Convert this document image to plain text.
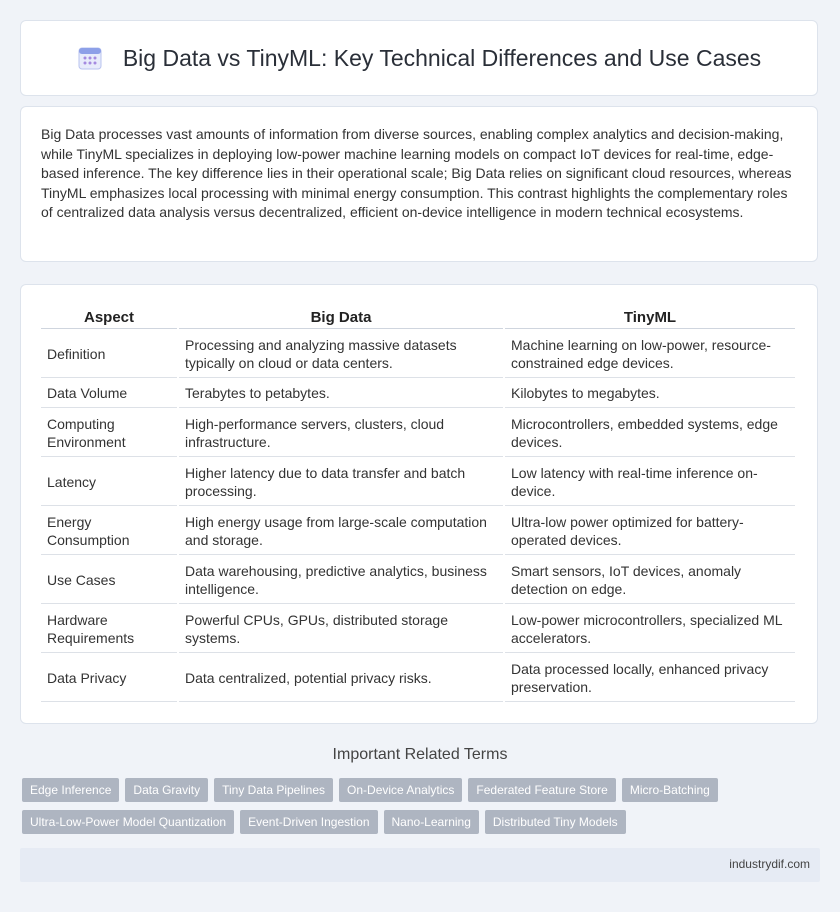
Big Data vs TinyML: Key Technical Differences and Use Cases

Big Data processes vast amounts of information from diverse sources, enabling complex analytics and decision-making, while TinyML specializes in deploying low-power machine learning models on compact IoT devices for real-time, edge-based inference. The key difference lies in their operational scale; Big Data relies on significant cloud resources, whereas TinyML emphasizes local processing with minimal energy consumption. This contrast highlights the complementary roles of centralized data analysis versus decentralized, efficient on-device intelligence in modern technical ecosystems.

Aspect	Big Data	TinyML
Definition	Processing and analyzing massive datasets typically on cloud or data centers.	Machine learning on low-power, resource-constrained edge devices.
Data Volume	Terabytes to petabytes.	Kilobytes to megabytes.
Computing Environment	High-performance servers, clusters, cloud infrastructure.	Microcontrollers, embedded systems, edge devices.
Latency	Higher latency due to data transfer and batch processing.	Low latency with real-time inference on-device.
Energy Consumption	High energy usage from large-scale computation and storage.	Ultra-low power optimized for battery-operated devices.
Use Cases	Data warehousing, predictive analytics, business intelligence.	Smart sensors, IoT devices, anomaly detection on edge.
Hardware Requirements	Powerful CPUs, GPUs, distributed storage systems.	Low-power microcontrollers, specialized ML accelerators.
Data Privacy	Data centralized, potential privacy risks.	Data processed locally, enhanced privacy preservation.
Important Related Terms
Edge Inference Data Gravity Tiny Data Pipelines On-Device Analytics Federated Feature Store Micro-Batching
Ultra-Low-Power Model Quantization Event-Driven Ingestion Nano-Learning Distributed Tiny Models
industrydif.com
